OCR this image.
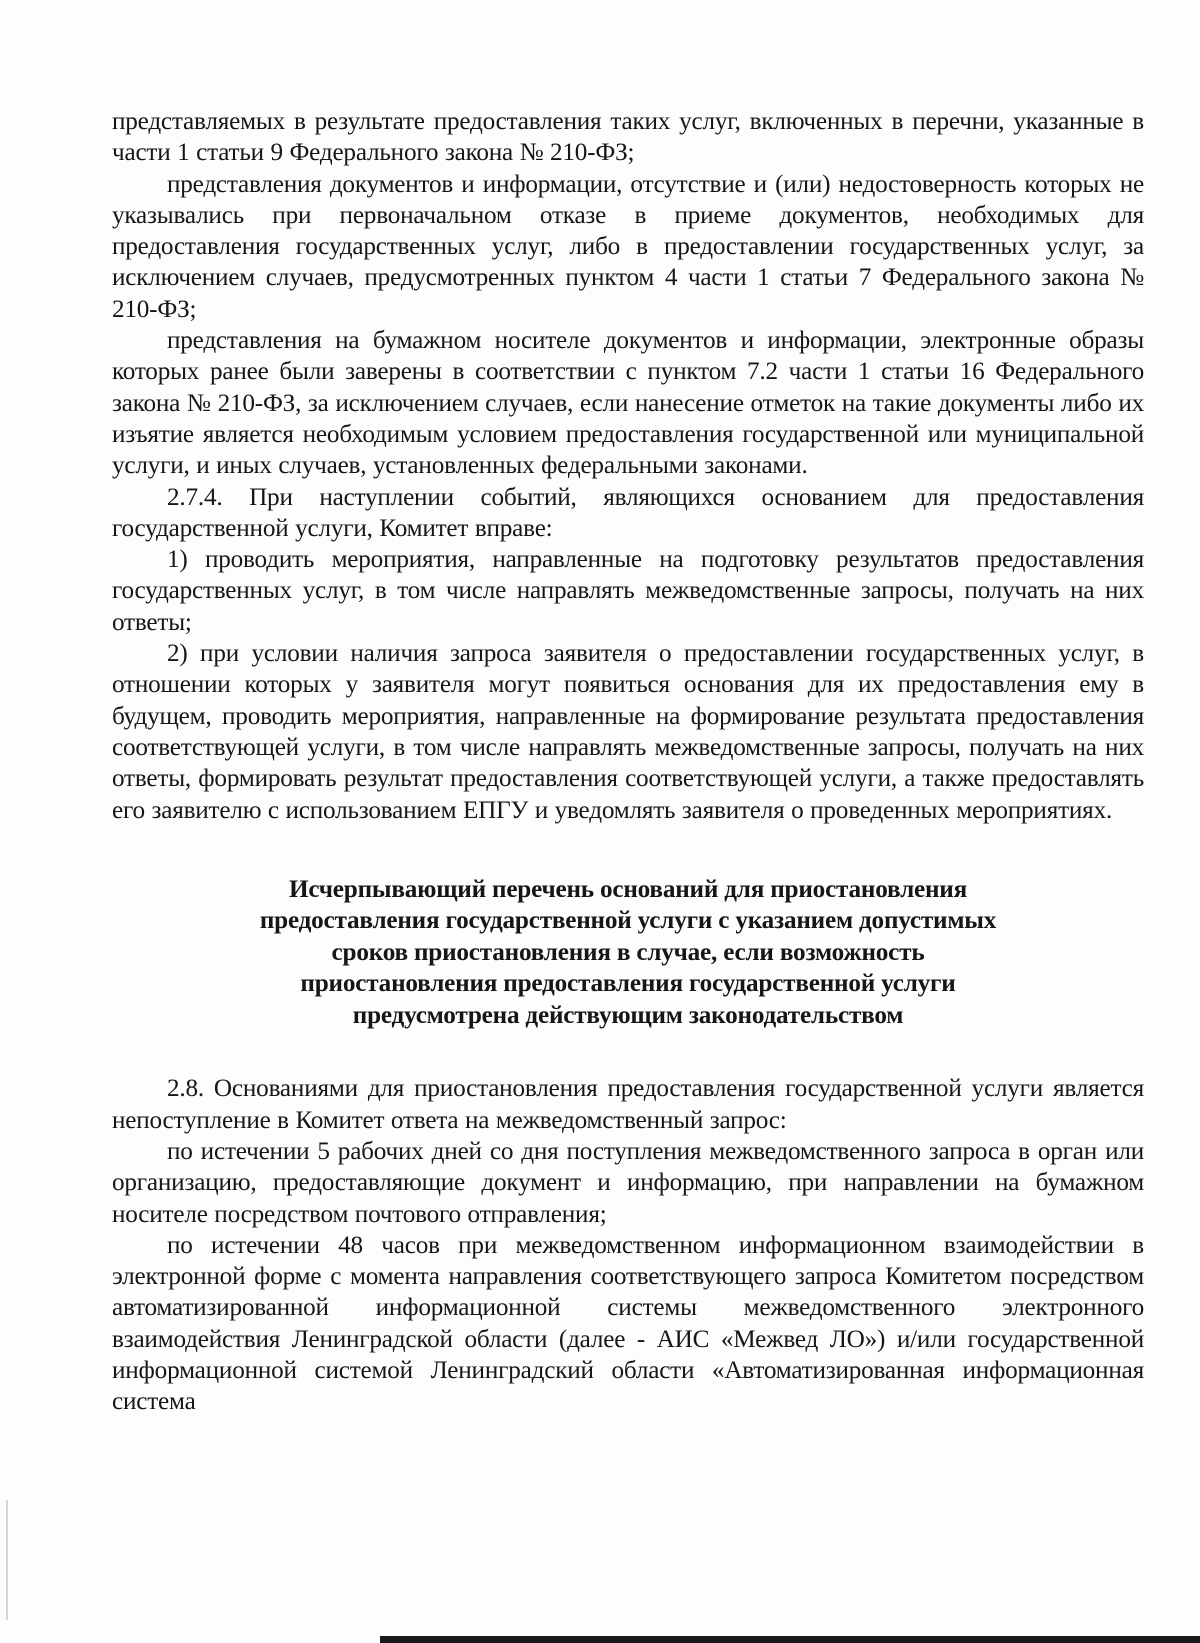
представляемых в результате предоставления таких услуг, включенных в перечни, указанные в части 1 статьи 9 Федерального закона № 210-ФЗ;

представления документов и информации, отсутствие и (или) недостоверность которых не указывались при первоначальном отказе в приеме документов, необходимых для предоставления государственных услуг, либо в предоставлении государственных услуг, за исключением случаев, предусмотренных пунктом 4 части 1 статьи 7 Федерального закона № 210-ФЗ;

представления на бумажном носителе документов и информации, электронные образы которых ранее были заверены в соответствии с пунктом 7.2 части 1 статьи 16 Федерального закона № 210-ФЗ, за исключением случаев, если нанесение отметок на такие документы либо их изъятие является необходимым условием предоставления государственной или муниципальной услуги, и иных случаев, установленных федеральными законами.

2.7.4. При наступлении событий, являющихся основанием для предоставления государственной услуги, Комитет вправе:

1) проводить мероприятия, направленные на подготовку результатов предоставления государственных услуг, в том числе направлять межведомственные запросы, получать на них ответы;

2) при условии наличия запроса заявителя о предоставлении государственных услуг, в отношении которых у заявителя могут появиться основания для их предоставления ему в будущем, проводить мероприятия, направленные на формирование результата предоставления соответствующей услуги, в том числе направлять межведомственные запросы, получать на них ответы, формировать результат предоставления соответствующей услуги, а также предоставлять его заявителю с использованием ЕПГУ и уведомлять заявителя о проведенных мероприятиях.

Исчерпывающий перечень оснований для приостановления
предоставления государственной услуги с указанием допустимых
сроков приостановления в случае, если возможность
приостановления предоставления государственной услуги
предусмотрена действующим законодательством

2.8. Основаниями для приостановления предоставления государственной услуги является непоступление в Комитет ответа на межведомственный запрос:

по истечении 5 рабочих дней со дня поступления межведомственного запроса в орган или организацию, предоставляющие документ и информацию, при направлении на бумажном носителе посредством почтового отправления;

по истечении 48 часов при межведомственном информационном взаимодействии в электронной форме с момента направления соответствующего запроса Комитетом посредством автоматизированной информационной системы межведомственного электронного взаимодействия Ленинградской области (далее - АИС «Межвед ЛО») и/или государственной информационной системой Ленинградский области «Автоматизированная информационная система
